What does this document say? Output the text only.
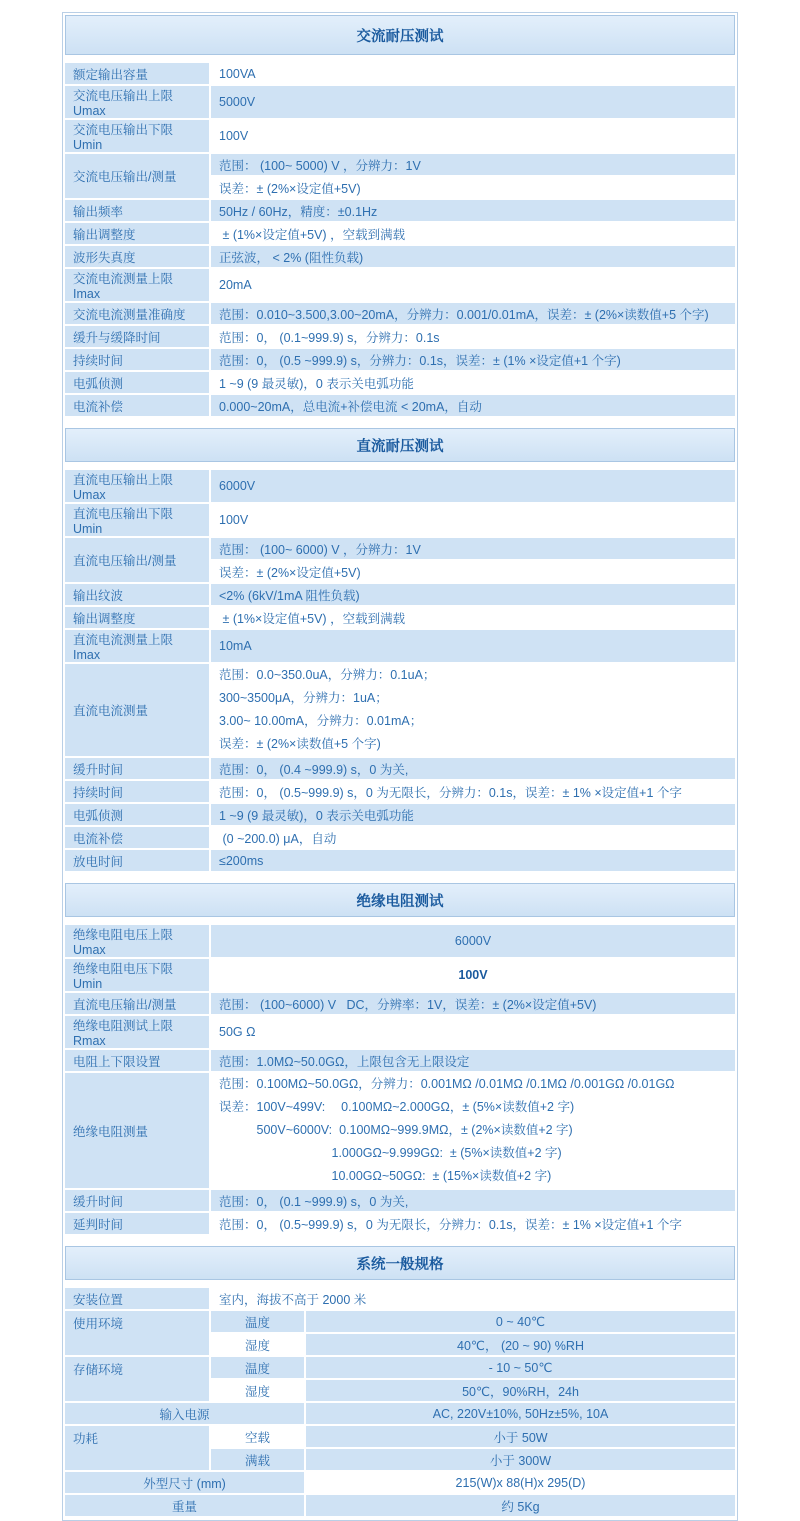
交流耐压测试
额定输出容量	100VA
交流电压输出上限 Umax	5000V
交流电压输出下限 Umin	100V
交流电压输出/测量	范围： (100~ 5000) V ，分辨力：1V
	误差：± (2%×设定值+5V)
输出频率	50Hz / 60Hz，精度：±0.1Hz
输出调整度	± (1%×设定值+5V) ，空载到满载
波形失真度	正弦波， < 2% (阻性负载)
交流电流测量上限 Imax	20mA
交流电流测量准确度	范围：0.010~3.500,3.00~20mA，分辨力：0.001/0.01mA，误差：± (2%×读数值+5 个字)
缓升与缓降时间	范围：0， (0.1~999.9) s，分辨力：0.1s
持续时间	范围：0， (0.5 ~999.9) s，分辨力：0.1s，误差：± (1% ×设定值+1 个字)
电弧侦测	1 ~9 (9 最灵敏)，0 表示关电弧功能
电流补偿	0.000~20mA，总电流+补偿电流 < 20mA，自动
直流耐压测试
直流电压输出上限 Umax	6000V
直流电压输出下限 Umin	100V
直流电压输出/测量	范围： (100~ 6000) V ，分辨力：1V
	误差：± (2%×设定值+5V)
输出纹波	<2% (6kV/1mA 阻性负载)
输出调整度	± (1%×设定值+5V) ，空载到满载
直流电流测量上限 Imax	10mA
直流电流测量	范围：0.0~350.0uA，分辨力：0.1uA；
300~3500μA，分辨力：1uA；
3.00~ 10.00mA，分辨力：0.01mA；
误差：± (2%×读数值+5 个字)

缓升时间	范围：0， (0.4 ~999.9) s，0 为关,
持续时间	范围：0， (0.5~999.9) s，0 为无限长，分辨力：0.1s，误差：± 1% ×设定值+1 个字
电弧侦测	1 ~9 (9 最灵敏)，0 表示关电弧功能
电流补偿	(0 ~200.0) μA，自动
放电时间	≤200ms
绝缘电阻测试
绝缘电阻电压上限Umax	6000V
绝缘电阻电压下限Umin	100V
直流电压输出/测量	范围： (100~6000) V   DC，分辨率：1V，误差：± (2%×设定值+5V)
绝缘电阻测试上限 Rmax	50G Ω
电阻上下限设置	范围：1.0MΩ~50.0GΩ，上限包含无上限设定
绝缘电阻测量	范围：0.100MΩ~50.0GΩ，分辨力：0.001MΩ /0.01MΩ /0.1MΩ /0.001GΩ /0.01GΩ
误差：100V~499V:　 0.100MΩ~2.000GΩ，± (5%×读数值+2 字)
　　　500V~6000V:  0.100MΩ~999.9MΩ，± (2%×读数值+2 字)
　　　　　　　　　1.000GΩ~9.999GΩ:  ± (5%×读数值+2 字)
　　　　　　　　　10.00GΩ~50GΩ:  ± (15%×读数值+2 字)

缓升时间	范围：0， (0.1 ~999.9) s，0 为关,
延判时间	范围：0， (0.5~999.9) s，0 为无限长，分辨力：0.1s，误差：± 1% ×设定值+1 个字
系统一般规格
安装位置	室内，海拔不高于 2000 米	
使用环境	温度	0 ~ 40℃
	湿度	40℃， (20 ~ 90) %RH
存储环境	温度	- 10 ~ 50℃
	湿度	50℃，90%RH，24h
输入电源		AC, 220V±10%, 50Hz±5%, 10A
功耗	空载	小于 50W
	满载	小于 300W
外型尺寸 (mm)		215(W)x 88(H)x 295(D)
重量		约 5Kg
